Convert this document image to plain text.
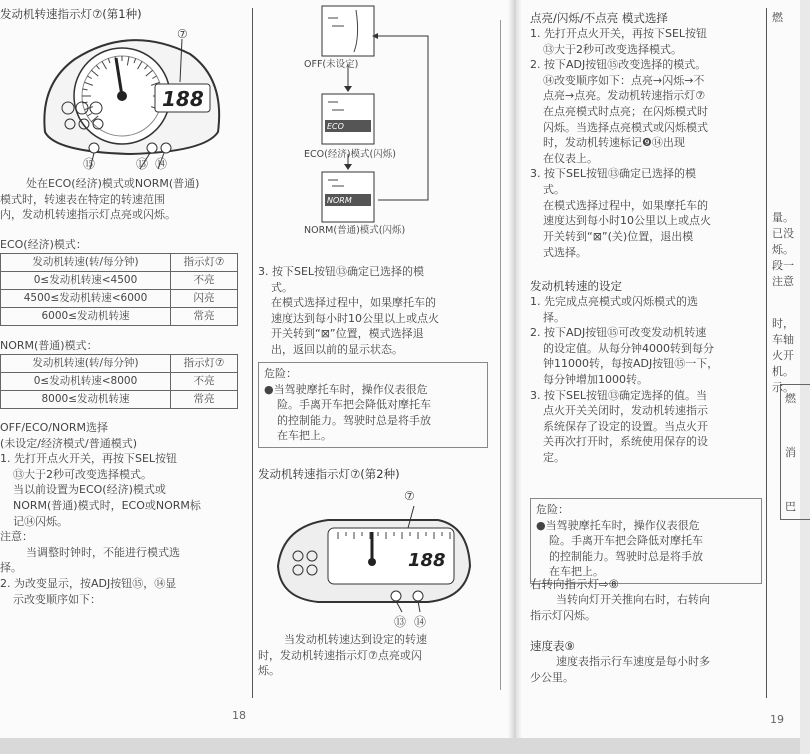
发动机转速指示灯⑦(第1种)
188
⑦
⑮	⑬ ⑭
处在ECO(经济)模式或NORM(普通)
模式时，转速表在特定的转速范围
内，发动机转速指示灯点亮或闪烁。
ECO(经济)模式：
发动机转速(转/每分钟)	指示灯⑦
0≤发动机转速<4500	不亮
4500≤发动机转速<6000	闪亮
6000≤发动机转速	常亮
NORM(普通)模式：
发动机转速(转/每分钟)	指示灯⑦
0≤发动机转速<8000	不亮
8000≤发动机转速	常亮
OFF/ECO/NORM选择
(未设定/经济模式/普通模式)
1. 先打开点火开关，再按下SEL按钮
⑬大于2秒可改变选择模式。
当以前设置为ECO(经济)模式或
NORM(普通)模式时，ECO或NORM标
记⑭闪烁。
注意：
当调整时钟时，不能进行模式选
择。
2. 为改变显示，按ADJ按钮⑮，⑭显
示改变顺序如下：
18
ECO
NORM
OFF(未设定)
ECO(经济)模式(闪烁)
NORM(普通)模式(闪烁)
3. 按下SEL按钮⑬确定已选择的模
式。
在模式选择过程中，如果摩托车的
速度达到每小时10公里以上或点火
开关转到“⊠”位置，模式选择退
出，返回以前的显示状态。
危险：
●当驾驶摩托车时，操作仪表很危
险。手离开车把会降低对摩托车
的控制能力。驾驶时总是将手放
在车把上。
发动机转速指示灯⑦(第2种)
⑦
188
⑬ ⑭
当发动机转速达到设定的转速
时，发动机转速指示灯⑦点亮或闪
烁。
点亮/闪烁/不点亮 模式选择
1. 先打开点火开关，再按下SEL按钮
⑬大于2秒可改变选择模式。
2. 按下ADJ按钮⑮改变选择的模式。
⑭改变顺序如下：点亮→闪烁→不
点亮→点亮。发动机转速指示灯⑦
在点亮模式时点亮；在闪烁模式时
闪烁。当选择点亮模式或闪烁模式
时，发动机转速标记❾⑭出现
在仪表上。
3. 按下SEL按钮⑬确定已选择的模
式。
在模式选择过程中，如果摩托车的
速度达到每小时10公里以上或点火
开关转到“⊠”(关)位置，退出模
式选择。
发动机转速的设定
1. 先完成点亮模式或闪烁模式的选
择。
2. 按下ADJ按钮⑮可改变发动机转速
的设定值。从每分钟4000转到每分
钟11000转，每按ADJ按钮⑮一下，
每分钟增加1000转。
3. 按下SEL按钮⑬确定选择的值。当
点火开关关闭时，发动机转速指示
系统保存了设定的设置。当点火开
关再次打开时，系统使用保存的设
定。
危险：
●当驾驶摩托车时，操作仪表很危
险。手离开车把会降低对摩托车
的控制能力。驾驶时总是将手放
在车把上。
右转向指示灯⇨⑧
当转向灯开关推向右时，右转向
指示灯闪烁。
速度表⑨
速度表指示行车速度是每小时多
少公里。
19
燃
量。
已没
烁。
段一
注意
时，
车轴
火开
机。
示。
燃
消
巴
